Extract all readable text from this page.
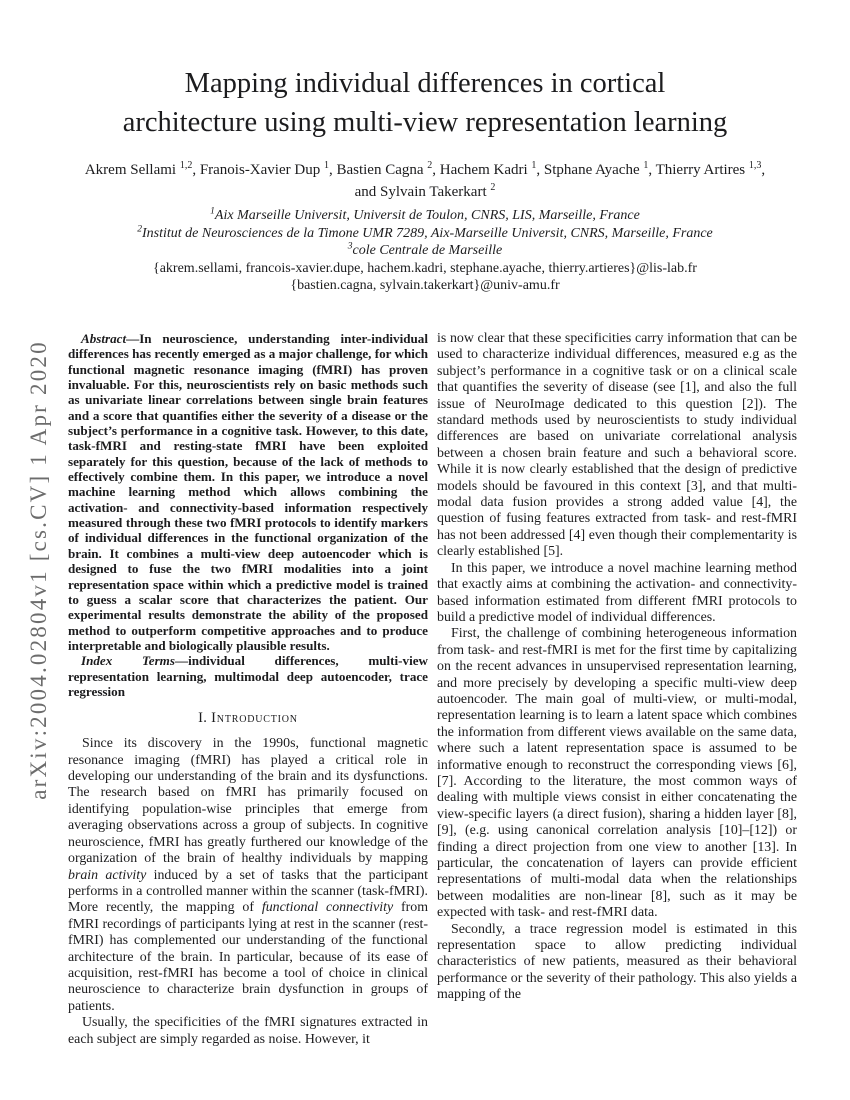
arXiv:2004.02804v1 [cs.CV] 1 Apr 2020
Mapping individual differences in cortical
architecture using multi-view representation learning
Akrem Sellami $^{1,2}$, Franois-Xavier Dup $^1$, Bastien Cagna $^2$, Hachem Kadri $^1$, Stphane Ayache $^1$, Thierry Artires $^{1,3}$,
and Sylvain Takerkart $^2$
$^1$Aix Marseille Universit, Universit de Toulon, CNRS, LIS, Marseille, France
$^2$Institut de Neurosciences de la Timone UMR 7289, Aix-Marseille Universit, CNRS, Marseille, France
$^3$cole Centrale de Marseille
{akrem.sellami, francois-xavier.dupe, hachem.kadri, stephane.ayache, thierry.artieres}@lis-lab.fr
{bastien.cagna, sylvain.takerkart}@univ-amu.fr

Abstract—In neuroscience, understanding inter-individual differences has recently emerged as a major challenge, for which functional magnetic resonance imaging (fMRI) has proven invaluable. For this, neuroscientists rely on basic methods such as univariate linear correlations between single brain features and a score that quantifies either the severity of a disease or the subject’s performance in a cognitive task. However, to this date, task-fMRI and resting-state fMRI have been exploited separately for this question, because of the lack of methods to effectively combine them. In this paper, we introduce a novel machine learning method which allows combining the activation- and connectivity-based information respectively measured through these two fMRI protocols to identify markers of individual differences in the functional organization of the brain. It combines a multi-view deep autoencoder which is designed to fuse the two fMRI modalities into a joint representation space within which a predictive model is trained to guess a scalar score that characterizes the patient. Our experimental results demonstrate the ability of the proposed method to outperform competitive approaches and to produce interpretable and biologically plausible results.

Index Terms—individual differences, multi-view representation learning, multimodal deep autoencoder, trace regression

I. Introduction

Since its discovery in the 1990s, functional magnetic resonance imaging (fMRI) has played a critical role in developing our understanding of the brain and its dysfunctions. The research based on fMRI has primarily focused on identifying population-wise principles that emerge from averaging observations across a group of subjects. In cognitive neuroscience, fMRI has greatly furthered our knowledge of the organization of the brain of healthy individuals by mapping brain activity induced by a set of tasks that the participant performs in a controlled manner within the scanner (task-fMRI). More recently, the mapping of functional connectivity from fMRI recordings of participants lying at rest in the scanner (rest-fMRI) has complemented our understanding of the functional architecture of the brain. In particular, because of its ease of acquisition, rest-fMRI has become a tool of choice in clinical neuroscience to characterize brain dysfunction in groups of patients.

Usually, the specificities of the fMRI signatures extracted in each subject are simply regarded as noise. However, it

is now clear that these specificities carry information that can be used to characterize individual differences, measured e.g as the subject’s performance in a cognitive task or on a clinical scale that quantifies the severity of disease (see [1], and also the full issue of NeuroImage dedicated to this question [2]). The standard methods used by neuroscientists to study individual differences are based on univariate correlational analysis between a chosen brain feature and such a behavioral score. While it is now clearly established that the design of predictive models should be favoured in this context [3], and that multi-modal data fusion provides a strong added value [4], the question of fusing features extracted from task- and rest-fMRI has not been addressed [4] even though their complementarity is clearly established [5].

In this paper, we introduce a novel machine learning method that exactly aims at combining the activation- and connectivity-based information estimated from different fMRI protocols to build a predictive model of individual differences.

First, the challenge of combining heterogeneous information from task- and rest-fMRI is met for the first time by capitalizing on the recent advances in unsupervised representation learning, and more precisely by developing a specific multi-view deep autoencoder. The main goal of multi-view, or multi-modal, representation learning is to learn a latent space which combines the information from different views available on the same data, where such a latent representation space is assumed to be informative enough to reconstruct the corresponding views [6], [7]. According to the literature, the most common ways of dealing with multiple views consist in either concatenating the view-specific layers (a direct fusion), sharing a hidden layer [8], [9], (e.g. using canonical correlation analysis [10]–[12]) or finding a direct projection from one view to another [13]. In particular, the concatenation of layers can provide efficient representations of multi-modal data when the relationships between modalities are non-linear [8], such as it may be expected with task- and rest-fMRI data.

Secondly, a trace regression model is estimated in this representation space to allow predicting individual characteristics of new patients, measured as their behavioral performance or the severity of their pathology. This also yields a mapping of the
